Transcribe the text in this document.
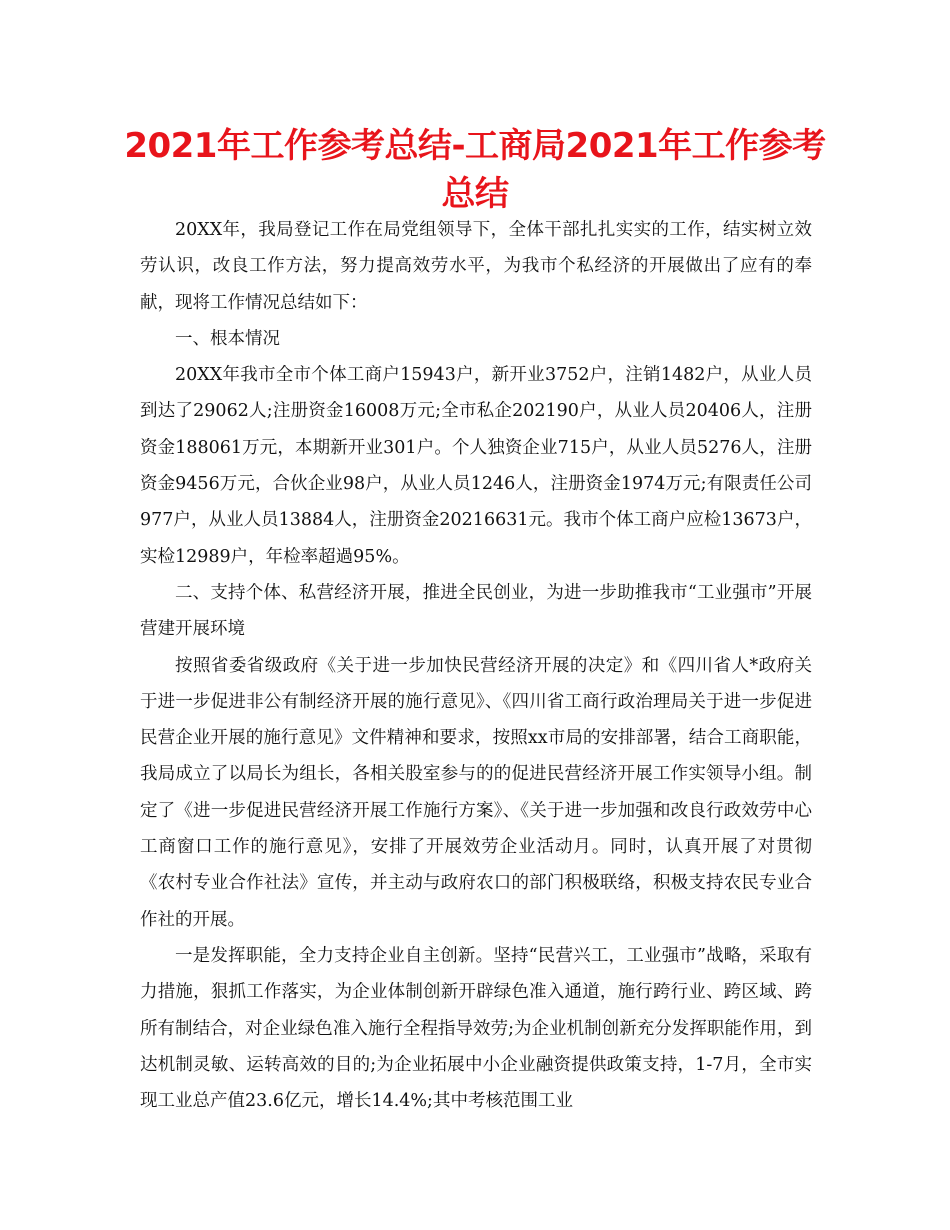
2021年工作参考总结-工商局2021年工作参考总结

20XX年，我局登记工作在局党组领导下，全体干部扎扎实实的工作，结实树立效劳认识，改良工作方法，努力提高效劳水平，为我市个私经济的开展做出了应有的奉献，现将工作情况总结如下：

一、根本情况

20XX年我市全市个体工商户15943户，新开业3752户，注销1482户，从业人员到达了29062人;注册资金16008万元;全市私企202190户，从业人员20406人，注册资金188061万元，本期新开业301户。个人独资企业715户，从业人员5276人，注册资金9456万元，合伙企业98户，从业人员1246人，注册资金1974万元;有限责任公司977户，从业人员13884人，注册资金20216631元。我市个体工商户应检13673户，实检12989户，年检率超過95%。

二、支持个体、私营经济开展，推进全民创业，为进一步助推我市“工业强市”开展营建开展环境

按照省委省级政府《关于进一步加快民营经济开展的决定》和《四川省人*政府关于进一步促进非公有制经济开展的施行意见》、《四川省工商行政治理局关于进一步促进民营企业开展的施行意见》文件精神和要求，按照xx市局的安排部署，结合工商职能，我局成立了以局长为组长，各相关股室参与的的促进民营经济开展工作实领导小组。制定了《进一步促进民营经济开展工作施行方案》、《关于进一步加强和改良行政效劳中心工商窗口工作的施行意见》，安排了开展效劳企业活动月。同时，认真开展了对贯彻《农村专业合作社法》宣传，并主动与政府农口的部门积极联络，积极支持农民专业合作社的开展。

一是发挥职能，全力支持企业自主创新。坚持“民营兴工，工业强市”战略，采取有力措施，狠抓工作落实，为企业体制创新开辟绿色准入通道，施行跨行业、跨区域、跨所有制结合，对企业绿色准入施行全程指导效劳;为企业机制创新充分发挥职能作用，到达机制灵敏、运转高效的目的;为企业拓展中小企业融资提供政策支持，1-7月，全市实现工业总产值23.6亿元，增长14.4%;其中考核范围工业
